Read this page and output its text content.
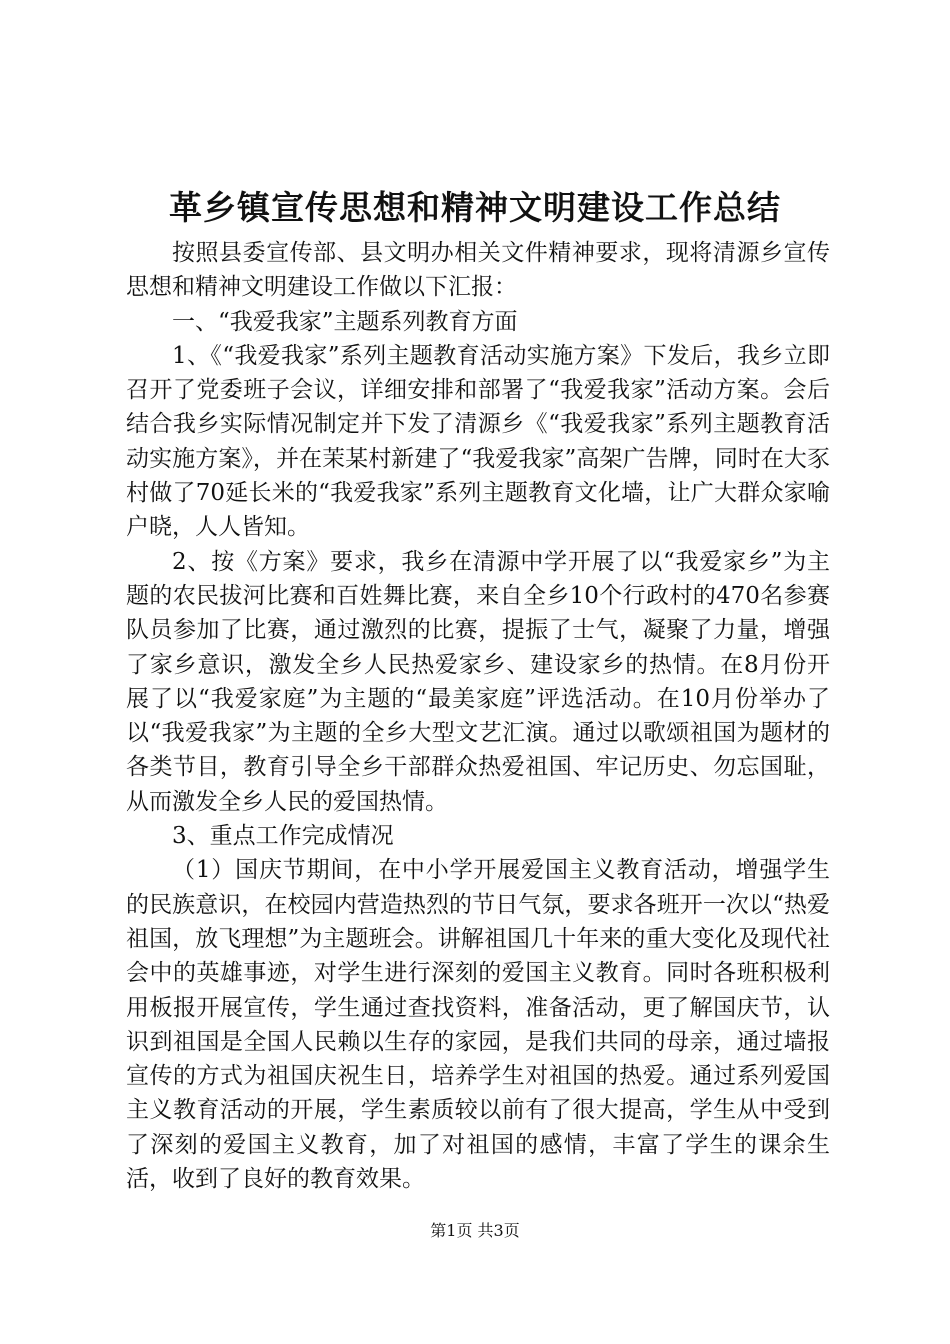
革乡镇宣传思想和精神文明建设工作总结

按照县委宣传部、县文明办相关文件精神要求，现将清源乡宣传思想和精神文明建设工作做以下汇报：

一、“我爱我家”主题系列教育方面

1、《“我爱我家”系列主题教育活动实施方案》下发后，我乡立即召开了党委班子会议，详细安排和部署了“我爱我家”活动方案。会后结合我乡实际情况制定并下发了清源乡《“我爱我家”系列主题教育活动实施方案》，并在茉某村新建了“我爱我家”高架广告牌，同时在大豕村做了70延长米的“我爱我家”系列主题教育文化墙，让广大群众家喻户晓，人人皆知。

2、按《方案》要求，我乡在清源中学开展了以“我爱家乡”为主题的农民拔河比赛和百姓舞比赛，来自全乡10个行政村的470名参赛队员参加了比赛，通过激烈的比赛，提振了士气，凝聚了力量，增强了家乡意识，激发全乡人民热爱家乡、建设家乡的热情。在8月份开展了以“我爱家庭”为主题的“最美家庭”评选活动。在10月份举办了以“我爱我家”为主题的全乡大型文艺汇演。通过以歌颂祖国为题材的各类节目，教育引导全乡干部群众热爱祖国、牢记历史、勿忘国耻，从而激发全乡人民的爱国热情。

3、重点工作完成情况

（1）国庆节期间，在中小学开展爱国主义教育活动，增强学生的民族意识，在校园内营造热烈的节日气氛，要求各班开一次以“热爱祖国，放飞理想”为主题班会。讲解祖国几十年来的重大变化及现代社会中的英雄事迹，对学生进行深刻的爱国主义教育。同时各班积极利用板报开展宣传，学生通过查找资料，准备活动，更了解国庆节，认识到祖国是全国人民赖以生存的家园，是我们共同的母亲，通过墙报宣传的方式为祖国庆祝生日，培养学生对祖国的热爱。通过系列爱国主义教育活动的开展，学生素质较以前有了很大提高，学生从中受到了深刻的爱国主义教育，加了对祖国的感情，丰富了学生的课余生活，收到了良好的教育效果。

第1页 共3页
